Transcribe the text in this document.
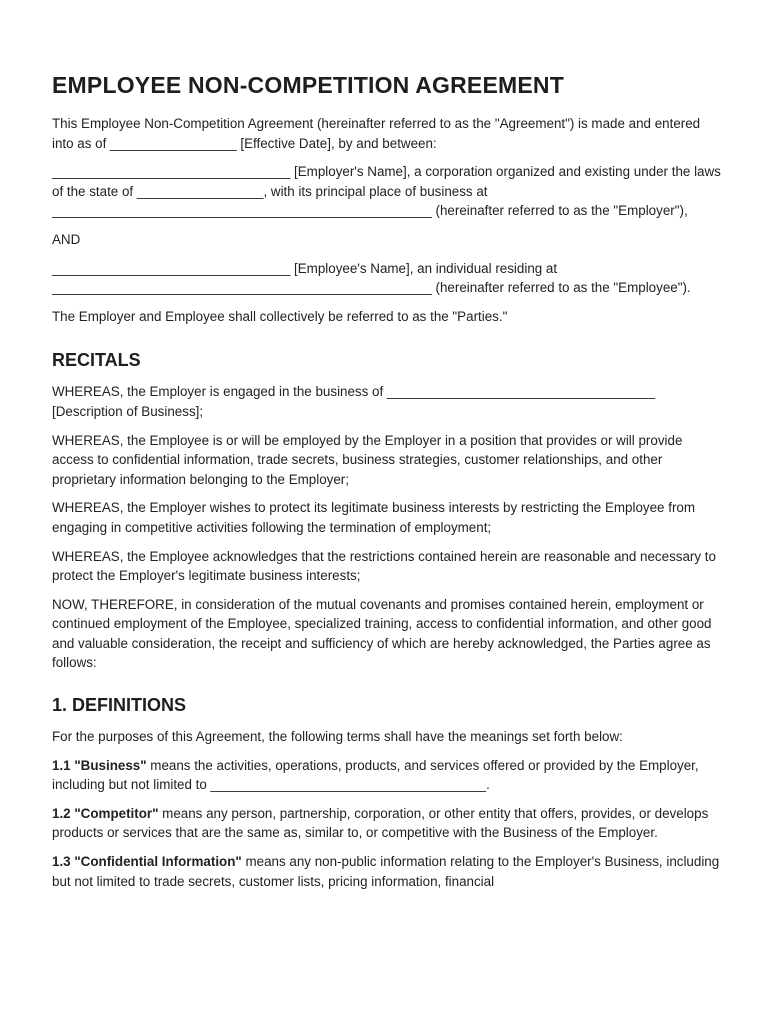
EMPLOYEE NON-COMPETITION AGREEMENT

This Employee Non-Competition Agreement (hereinafter referred to as the "Agreement") is made and entered into as of _________________ [Effective Date], by and between:

________________________________ [Employer's Name], a corporation organized and existing under the laws of the state of _________________, with its principal place of business at ___________________________________________________ (hereinafter referred to as the "Employer"),

AND

________________________________ [Employee's Name], an individual residing at ___________________________________________________ (hereinafter referred to as the "Employee").

The Employer and Employee shall collectively be referred to as the "Parties."

RECITALS

WHEREAS, the Employer is engaged in the business of ____________________________________ [Description of Business];

WHEREAS, the Employee is or will be employed by the Employer in a position that provides or will provide access to confidential information, trade secrets, business strategies, customer relationships, and other proprietary information belonging to the Employer;

WHEREAS, the Employer wishes to protect its legitimate business interests by restricting the Employee from engaging in competitive activities following the termination of employment;

WHEREAS, the Employee acknowledges that the restrictions contained herein are reasonable and necessary to protect the Employer's legitimate business interests;

NOW, THEREFORE, in consideration of the mutual covenants and promises contained herein, employment or continued employment of the Employee, specialized training, access to confidential information, and other good and valuable consideration, the receipt and sufficiency of which are hereby acknowledged, the Parties agree as follows:

1. DEFINITIONS

For the purposes of this Agreement, the following terms shall have the meanings set forth below:

1.1 "Business" means the activities, operations, products, and services offered or provided by the Employer, including but not limited to _____________________________________.

1.2 "Competitor" means any person, partnership, corporation, or other entity that offers, provides, or develops products or services that are the same as, similar to, or competitive with the Business of the Employer.

1.3 "Confidential Information" means any non-public information relating to the Employer's Business, including but not limited to trade secrets, customer lists, pricing information, financial
